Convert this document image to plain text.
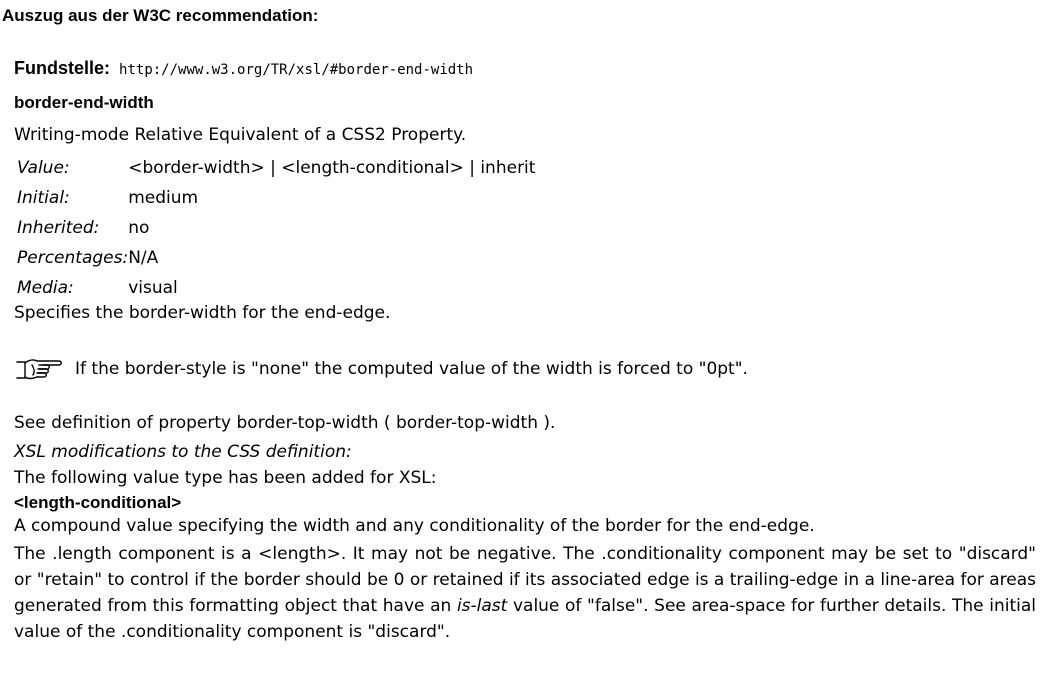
Auszug aus der W3C recommendation:
Fundstelle: http://www.w3.org/TR/xsl/#border-end-width
border-end-width
Writing-mode Relative Equivalent of a CSS2 Property.
Value:	<border-width> | <length-conditional> | inherit
Initial:	medium
Inherited:	no
Percentages:	N/A
Media:	visual
Specifies the border-width for the end-edge.
If the border-style is "none" the computed value of the width is forced to "0pt".
See definition of property border-top-width ( border-top-width ).
XSL modifications to the CSS definition:
The following value type has been added for XSL:
<length-conditional>
A compound value specifying the width and any conditionality of the border for the end-edge.
The .length component is a <length>. It may not be negative. The .conditionality component may be set to "discard" or "retain" to control if the border should be 0 or retained if its associated edge is a trailing-edge in a line-area for areas generated from this formatting object that have an is-last value of "false". See area-space for further details. The initial value of the .conditionality component is "discard".
